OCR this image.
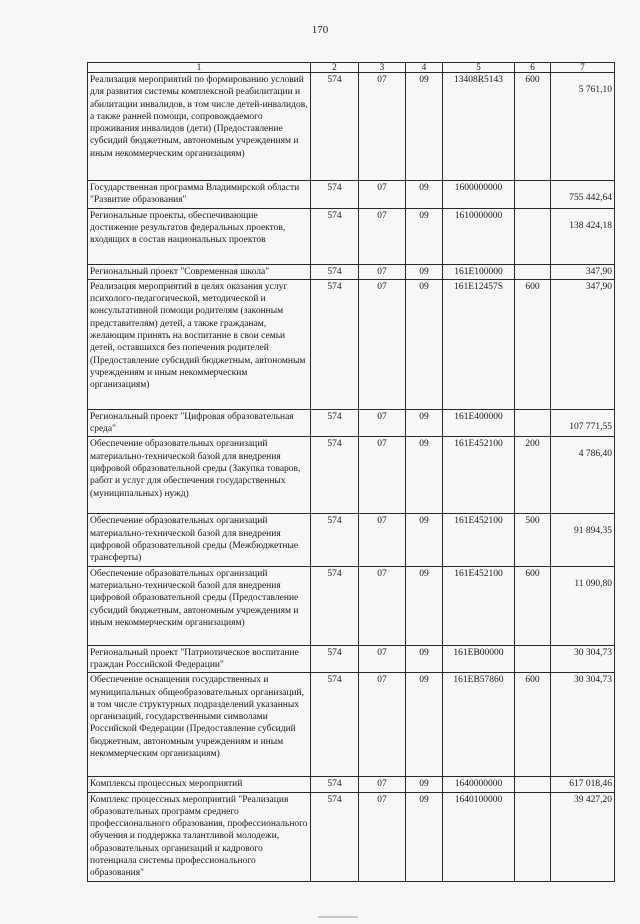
170
1	2	3	4	5	6	7
Реализация мероприятий по формированию условий для развития системы комплексной реабилитации и абилитации инвалидов, в том числе детей-инвалидов, а также ранней помощи, сопровождаемого проживания инвалидов (дети) (Предоставление субсидий бюджетным, автономным учреждениям и иным некоммерческим организациям)	574	07	09	13408R5143	600	5 761,10
Государственная программа Владимирской области "Развитие образования"	574	07	09	1600000000		755 442,64
Региональные проекты, обеспечивающие достижение результатов федеральных проектов, входящих в состав национальных проектов	574	07	09	1610000000		138 424,18
Региональный проект "Современная школа"	574	07	09	161E100000		347,90
Реализация мероприятий в целях оказания услуг психолого-педагогической, методической и консультативной помощи родителям (законным представителям) детей, а также гражданам, желающим принять на воспитание в свои семьи детей, оставшихся без попечения родителей (Предоставление субсидий бюджетным, автономным учреждениям и иным некоммерческим организациям)	574	07	09	161E12457S	600	347,90
Региональный проект "Цифровая образовательная среда"	574	07	09	161E400000		107 771,55
Обеспечение образовательных организаций материально-технической базой для внедрения цифровой образовательной среды (Закупка товаров, работ и услуг для обеспечения государственных (муниципальных) нужд)	574	07	09	161E452100	200	4 786,40
Обеспечение образовательных организаций материально-технической базой для внедрения цифровой образовательной среды (Межбюджетные трансферты)	574	07	09	161E452100	500	91 894,35
Обеспечение образовательных организаций материально-технической базой для внедрения цифровой образовательной среды (Предоставление субсидий бюджетным, автономным учреждениям и иным некоммерческим организациям)	574	07	09	161E452100	600	11 090,80
Региональный проект "Патриотическое воспитание граждан Российской Федерации"	574	07	09	161EB00000		30 304,73
Обеспечение оснащения государственных и муниципальных общеобразовательных организаций, в том числе структурных подразделений указанных организаций, государственными символами Российской Федерации (Предоставление субсидий бюджетным, автономным учреждениям и иным некоммерческим организациям)	574	07	09	161EB57860	600	30 304,73
Комплексы процессных мероприятий	574	07	09	1640000000		617 018,46
Комплекс процессных мероприятий "Реализация образовательных программ среднего профессионального образования, профессионального обучения и поддержка талантливой молодежи, образовательных организаций и кадрового потенциала системы профессионального образования"	574	07	09	1640100000		39 427,20
